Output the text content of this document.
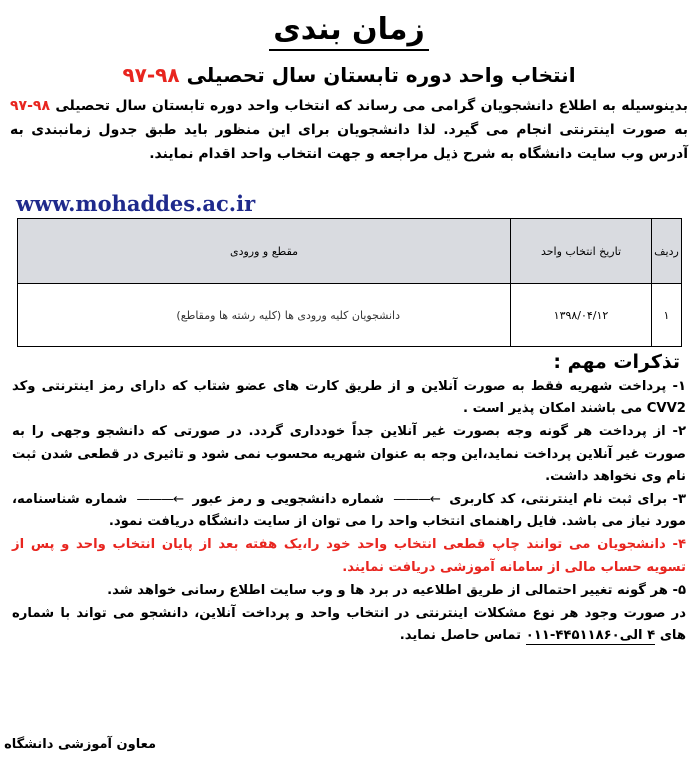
زمان بندی
انتخاب واحد دوره تابستان سال تحصیلی ۹۸-۹۷

بدینوسیله به اطلاع دانشجویان گرامی می رساند که انتخاب واحد دوره تابستان سال تحصیلی ۹۸-۹۷ به صورت اینترنتی انجام می گیرد. لذا دانشجویان برای این منظور باید طبق جدول زمانبندی به آدرس وب سایت دانشگاه به شرح ذیل مراجعه و جهت انتخاب واحد اقدام نمایند.

www.mohaddes.ac.ir
ردیف	تاریخ انتخاب واحد	مقطع و ورودی
۱	۱۳۹۸/۰۴/۱۲	دانشجویان کلیه ورودی ها (کلیه رشته ها ومقاطع)
تذکرات مهم :

۱- پرداخت شهریه فقط به صورت آنلاین و از طریق کارت های عضو شتاب که دارای رمز اینترنتی وکد CVV2 می باشند امکان پذیر است .

۲- از پرداخت هر گونه وجه بصورت غیر آنلاین جداً خودداری گردد. در صورتی که دانشجو وجهی را به صورت غیر آنلاین پرداخت نماید،این وجه به عنوان شهریه محسوب نمی شود و تاثیری در قطعی شدن ثبت نام وی نخواهد داشت.

۳- برای ثبت نام اینترنتی، کد کاربری ←——— شماره دانشجویی و رمز عبور ←——— شماره شناسنامه، مورد نیاز می باشد. فایل راهنمای انتخاب واحد را می توان از سایت دانشگاه دریافت نمود.

۴- دانشجویان می توانند چاپ قطعی انتخاب واحد خود را،یک هفته بعد از پایان انتخاب واحد و پس از تسویه حساب مالی از سامانه آموزشی دریافت نمایند.

۵- هر گونه تغییر احتمالی از طریق اطلاعیه در برد ها و وب سایت اطلاع رسانی خواهد شد.

در صورت وجود هر نوع مشکلات اینترنتی در انتخاب واحد و پرداخت آنلاین، دانشجو می تواند با شماره های ۴ الی۴۴۵۱۱۸۶۰-۰۱۱ تماس حاصل نماید.

معاون آموزشی دانشگاه
